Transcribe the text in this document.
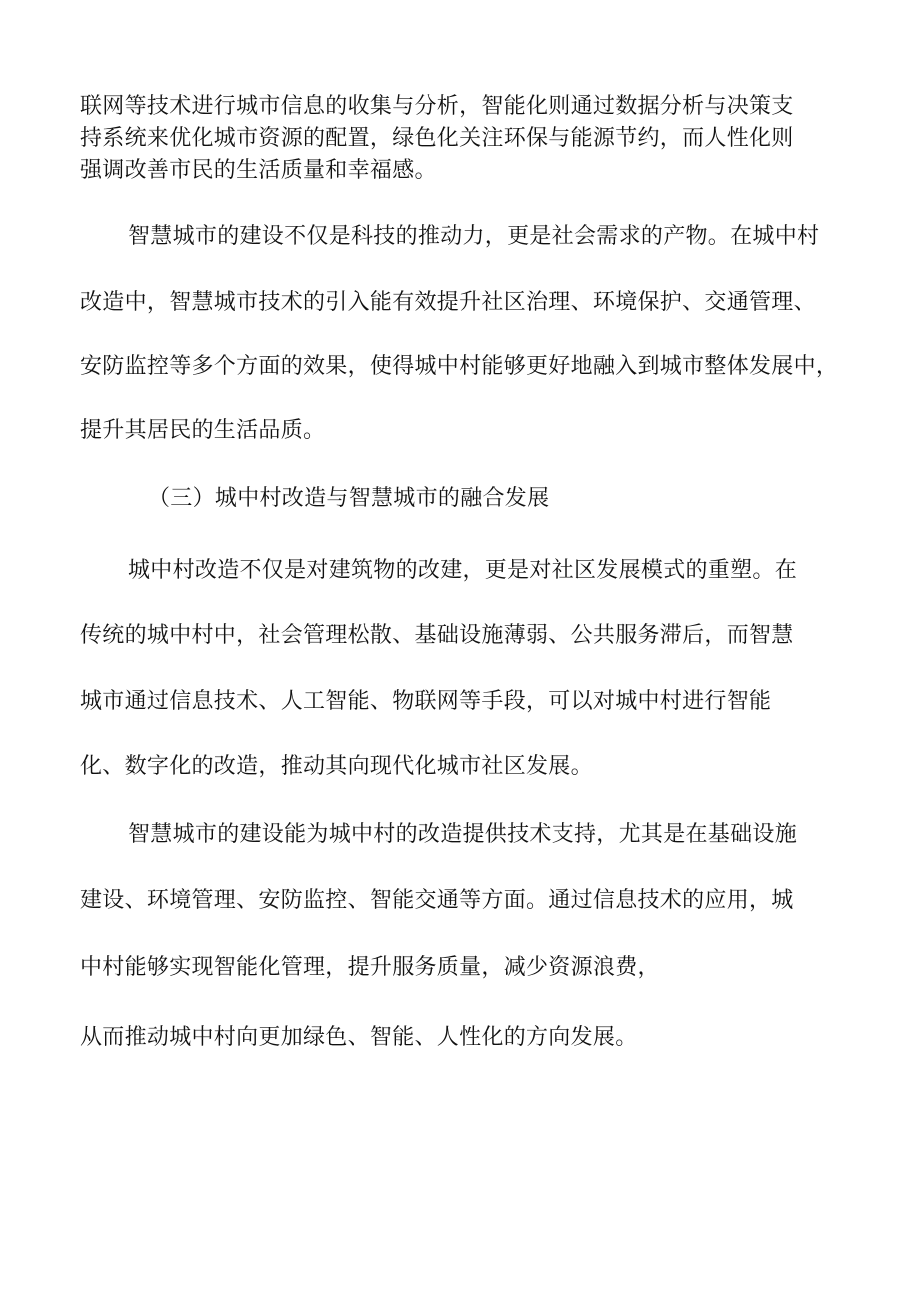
联网等技术进行城市信息的收集与分析，智能化则通过数据分析与决策支
持系统来优化城市资源的配置，绿色化关注环保与能源节约，而人性化则
强调改善市民的生活质量和幸福感。
智慧城市的建设不仅是科技的推动力，更是社会需求的产物。在城中村
改造中，智慧城市技术的引入能有效提升社区治理、环境保护、交通管理、
安防监控等多个方面的效果，使得城中村能够更好地融入到城市整体发展中，
提升其居民的生活品质。
（三）城中村改造与智慧城市的融合发展
城中村改造不仅是对建筑物的改建，更是对社区发展模式的重塑。在
传统的城中村中，社会管理松散、基础设施薄弱、公共服务滞后，而智慧
城市通过信息技术、人工智能、物联网等手段，可以对城中村进行智能
化、数字化的改造，推动其向现代化城市社区发展。
智慧城市的建设能为城中村的改造提供技术支持，尤其是在基础设施
建设、环境管理、安防监控、智能交通等方面。通过信息技术的应用，城
中村能够实现智能化管理，提升服务质量，减少资源浪费，
从而推动城中村向更加绿色、智能、人性化的方向发展。
